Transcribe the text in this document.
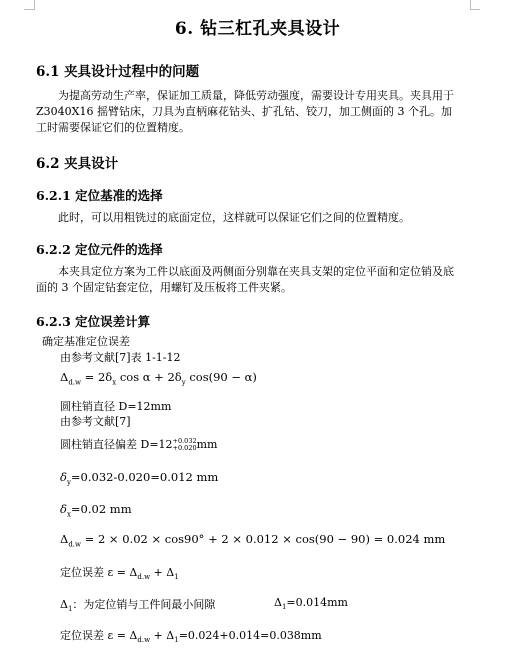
6. 钻三杠孔夹具设计
6.1 夹具设计过程中的问题
为提高劳动生产率，保证加工质量，降低劳动强度，需要设计专用夹具。夹具用于 Z3040X16 摇臂钻床，刀具为直柄麻花钻头、扩孔钻、铰刀，加工侧面的 3 个孔。加工时需要保证它们的位置精度。
6.2 夹具设计
6.2.1 定位基准的选择
此时，可以用粗铣过的底面定位，这样就可以保证它们之间的位置精度。
6.2.2 定位元件的选择
本夹具定位方案为工件以底面及两侧面分别靠在夹具支架的定位平面和定位销及底面的 3 个固定钻套定位，用螺钉及压板将工件夹紧。
6.2.3 定位误差计算
确定基准定位误差
由参考文献[7]表 1-1-12
$\Delta_{d.w} = 2\delta_x$ $\cos \alpha + 2\delta_y$ cos(90 − α)
圆柱销直径 D=12mm
由参考文献[7]
圆柱销直径偏差 D=12+0.032
+0.020mm
$\delta_y=0.032-0.020=0.012$ mm
$\delta_x=0.02$ mm
$\Delta_{d.w} = 2 \times 0.02 \times \cos 90^\circ + 2 \times 0.012 \times \cos(90 - 90) = 0.024$ mm
定位误差 $\varepsilon = \Delta_{d.w} + \Delta_1$
$\Delta_1$：为定位销与工件间最小间隙	$\Delta_1=0.014mm$
定位误差 $\varepsilon = \Delta_{d.w} + \Delta_1=0.024+0.014=0.038mm$
